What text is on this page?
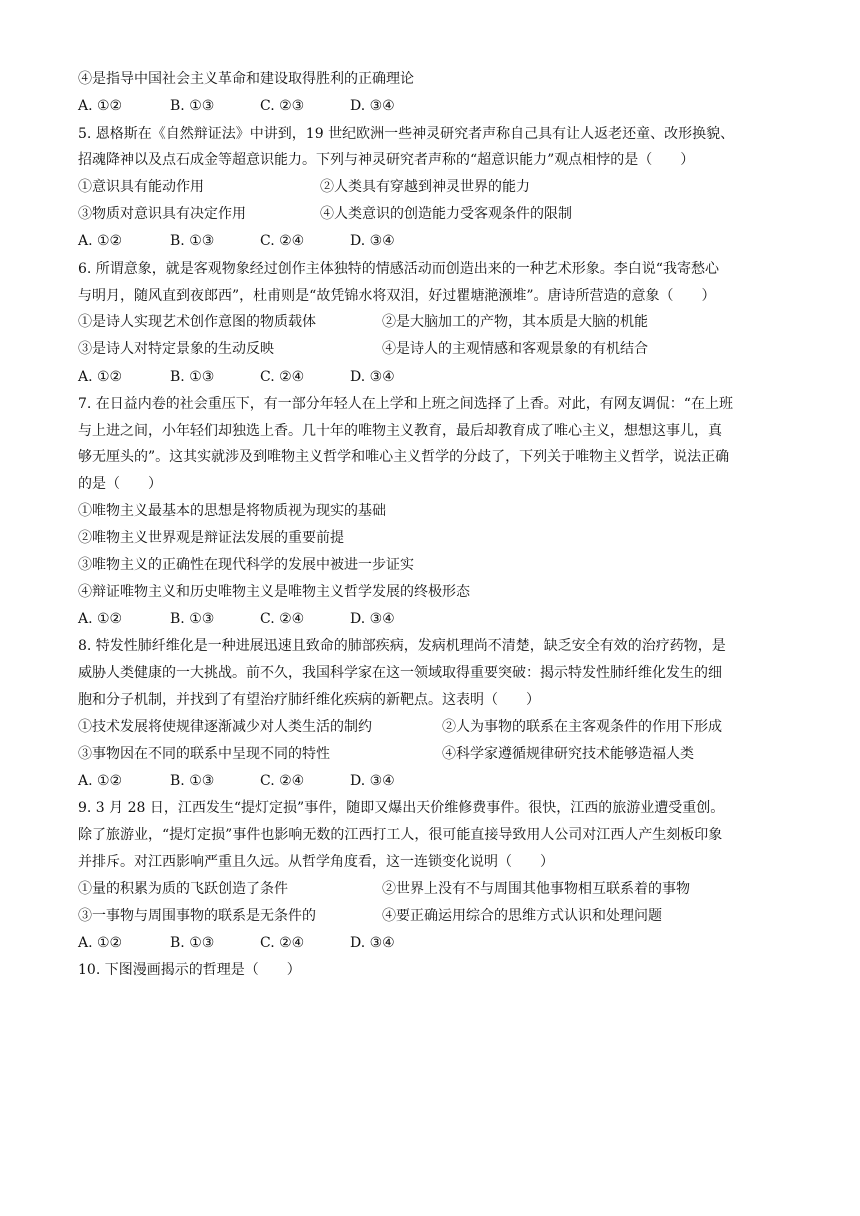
④是指导中国社会主义革命和建设取得胜利的正确理论
A. ①②	B. ①③	C. ②③	D. ③④
5. 恩格斯在《自然辩证法》中讲到，19 世纪欧洲一些神灵研究者声称自己具有让人返老还童、改形换貌、
招魂降神以及点石成金等超意识能力。下列与神灵研究者声称的“超意识能力”观点相悖的是（　　）
①意识具有能动作用	②人类具有穿越到神灵世界的能力
③物质对意识具有决定作用	④人类意识的创造能力受客观条件的限制
A. ①②	B. ①③	C. ②④	D. ③④
6. 所谓意象，就是客观物象经过创作主体独特的情感活动而创造出来的一种艺术形象。李白说“我寄愁心
与明月，随风直到夜郎西”，杜甫则是“故凭锦水将双泪，好过瞿塘滟滪堆”。唐诗所营造的意象（　　）
①是诗人实现艺术创作意图的物质载体	②是大脑加工的产物，其本质是大脑的机能
③是诗人对特定景象的生动反映	④是诗人的主观情感和客观景象的有机结合
A. ①②	B. ①③	C. ②④	D. ③④
7. 在日益内卷的社会重压下，有一部分年轻人在上学和上班之间选择了上香。对此，有网友调侃：“在上班
与上进之间，小年轻们却独选上香。几十年的唯物主义教育，最后却教育成了唯心主义，想想这事儿，真
够无厘头的”。这其实就涉及到唯物主义哲学和唯心主义哲学的分歧了，下列关于唯物主义哲学，说法正确
的是（　　）
①唯物主义最基本的思想是将物质视为现实的基础
②唯物主义世界观是辩证法发展的重要前提
③唯物主义的正确性在现代科学的发展中被进一步证实
④辩证唯物主义和历史唯物主义是唯物主义哲学发展的终极形态
A. ①②	B. ①③	C. ②④	D. ③④
8. 特发性肺纤维化是一种进展迅速且致命的肺部疾病，发病机理尚不清楚，缺乏安全有效的治疗药物，是
威胁人类健康的一大挑战。前不久，我国科学家在这一领域取得重要突破：揭示特发性肺纤维化发生的细
胞和分子机制，并找到了有望治疗肺纤维化疾病的新靶点。这表明（　　）
①技术发展将使规律逐渐减少对人类生活的制约	②人为事物的联系在主客观条件的作用下形成
③事物因在不同的联系中呈现不同的特性	④科学家遵循规律研究技术能够造福人类
A. ①②	B. ①③	C. ②④	D. ③④
9. 3 月 28 日，江西发生“提灯定损”事件，随即又爆出天价维修费事件。很快，江西的旅游业遭受重创。
除了旅游业，“提灯定损”事件也影响无数的江西打工人，很可能直接导致用人公司对江西人产生刻板印象
并排斥。对江西影响严重且久远。从哲学角度看，这一连锁变化说明（　　）
①量的积累为质的飞跃创造了条件	②世界上没有不与周围其他事物相互联系着的事物
③一事物与周围事物的联系是无条件的	④要正确运用综合的思维方式认识和处理问题
A. ①②	B. ①③	C. ②④	D. ③④
10. 下图漫画揭示的哲理是（　　）
